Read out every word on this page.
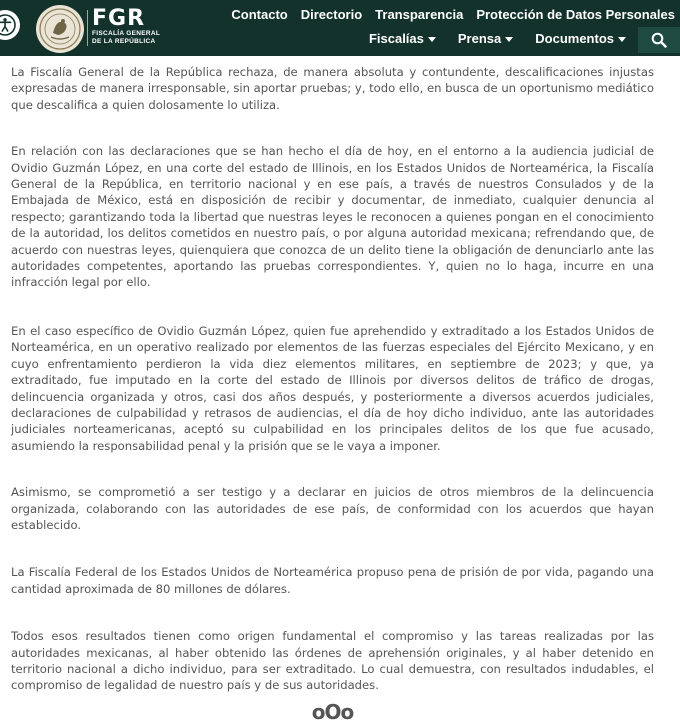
FGR
FISCALÍA GENERAL
DE LA REPÚBLICA
Contacto Directorio Transparencia Protección de Datos Personales
Fiscalías	Prensa	Documentos

La Fiscalía General de la República rechaza, de manera absoluta y contundente, descalificaciones injustas expresadas de manera irresponsable, sin aportar pruebas; y, todo ello, en busca de un oportunismo mediático que descalifica a quien dolosamente lo utiliza.

En relación con las declaraciones que se han hecho el día de hoy, en el entorno a la audiencia judicial de Ovidio Guzmán López, en una corte del estado de Illinois, en los Estados Unidos de Norteamérica, la Fiscalía General de la República, en territorio nacional y en ese país, a través de nuestros Consulados y de la Embajada de México, está en disposición de recibir y documentar, de inmediato, cualquier denuncia al respecto; garantizando toda la libertad que nuestras leyes le reconocen a quienes pongan en el conocimiento de la autoridad, los delitos cometidos en nuestro país, o por alguna autoridad mexicana; refrendando que, de acuerdo con nuestras leyes, quienquiera que conozca de un delito tiene la obligación de denunciarlo ante las autoridades competentes, aportando las pruebas correspondientes. Y, quien no lo haga, incurre en una infracción legal por ello.

En el caso específico de Ovidio Guzmán López, quien fue aprehendido y extraditado a los Estados Unidos de Norteamérica, en un operativo realizado por elementos de las fuerzas especiales del Ejército Mexicano, y en cuyo enfrentamiento perdieron la vida diez elementos militares, en septiembre de 2023; y que, ya extraditado, fue imputado en la corte del estado de Illinois por diversos delitos de tráfico de drogas, delincuencia organizada y otros, casi dos años después, y posteriormente a diversos acuerdos judiciales, declaraciones de culpabilidad y retrasos de audiencias, el día de hoy dicho individuo, ante las autoridades judiciales norteamericanas, aceptó su culpabilidad en los principales delitos de los que fue acusado, asumiendo la responsabilidad penal y la prisión que se le vaya a imponer.

Asimismo, se comprometió a ser testigo y a declarar en juicios de otros miembros de la delincuencia organizada, colaborando con las autoridades de ese país, de conformidad con los acuerdos que hayan establecido.

La Fiscalía Federal de los Estados Unidos de Norteamérica propuso pena de prisión de por vida, pagando una cantidad aproximada de 80 millones de dólares.

Todos esos resultados tienen como origen fundamental el compromiso y las tareas realizadas por las autoridades mexicanas, al haber obtenido las órdenes de aprehensión originales, y al haber detenido en territorio nacional a dicho individuo, para ser extraditado. Lo cual demuestra, con resultados indudables, el compromiso de legalidad de nuestro país y de sus autoridades.

oOo
